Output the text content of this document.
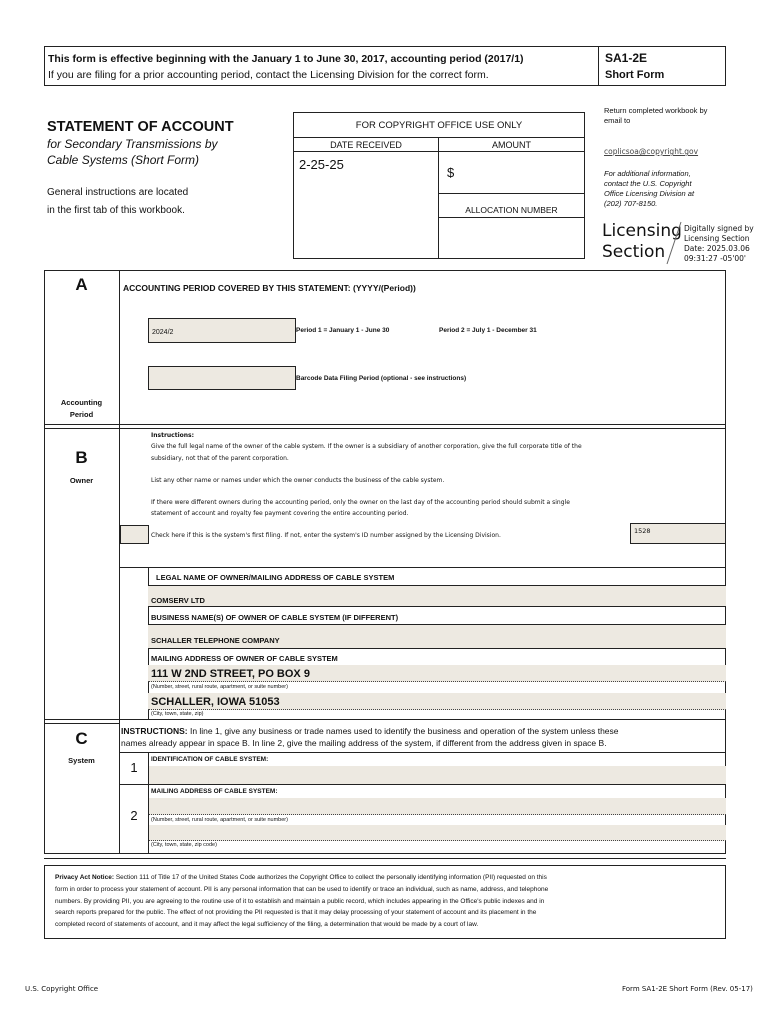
This form is effective beginning with the January 1 to June 30, 2017, accounting period (2017/1)
If you are filing for a prior accounting period, contact the Licensing Division for the correct form.
SA1-2E
Short Form
STATEMENT OF ACCOUNT
for Secondary Transmissions by
Cable Systems (Short Form)
General instructions are located
in the first tab of this workbook.
FOR COPYRIGHT OFFICE USE ONLY
DATE RECEIVED	AMOUNT
2-25-25
$
ALLOCATION NUMBER
Return completed workbook by
email to
coplicsoa@copyright.gov
For additional information,
contact the U.S. Copyright
Office Licensing Division at
(202) 707-8150.
Licensing
Section
Digitally signed by
Licensing Section
Date: 2025.03.06
09:31:27 -05'00'
A
Accounting
Period
ACCOUNTING PERIOD COVERED BY THIS STATEMENT: (YYYY/(Period))
2024/2	Period 1 = January 1 - June 30	Period 2 = July 1 - December 31
Barcode Data Filing Period (optional - see instructions)
B
Owner
Instructions:
Give the full legal name of the owner of the cable system. If the owner is a subsidiary of another corporation, give the full corporate title of the
subsidiary, not that of the parent corporation.
List any other name or names under which the owner conducts the business of the cable system.
If there were different owners during the accounting period, only the owner on the last day of the accounting period should submit a single
statement of account and royalty fee payment covering the entire accounting period.
Check here if this is the system's first filing. If not, enter the system's ID number assigned by the Licensing Division.
1528
LEGAL NAME OF OWNER/MAILING ADDRESS OF CABLE SYSTEM
COMSERV LTD
BUSINESS NAME(S) OF OWNER OF CABLE SYSTEM (IF DIFFERENT)
SCHALLER TELEPHONE COMPANY
MAILING ADDRESS OF OWNER OF CABLE SYSTEM
111 W 2ND STREET, PO BOX 9
(Number, street, rural route, apartment, or suite number)
SCHALLER, IOWA 51053
(City, town, state, zip)
C
System
INSTRUCTIONS: In line 1, give any business or trade names used to identify the business and operation of the system unless these
names already appear in space B. In line 2, give the mailing address of the system, if different from the address given in space B.
1
IDENTIFICATION OF CABLE SYSTEM:
2
MAILING ADDRESS OF CABLE SYSTEM:
(Number, street, rural route, apartment, or suite number)
(City, town, state, zip code)
Privacy Act Notice: Section 111 of Title 17 of the United States Code authorizes the Copyright Office to collect the personally identifying information (PII) requested on this
form in order to process your statement of account. PII is any personal information that can be used to identify or trace an individual, such as name, address, and telephone
numbers. By providing PII, you are agreeing to the routine use of it to establish and maintain a public record, which includes appearing in the Office's public indexes and in
search reports prepared for the public. The effect of not providing the PII requested is that it may delay processing of your statement of account and its placement in the
completed record of statements of account, and it may affect the legal sufficiency of the filing, a determination that would be made by a court of law.
U.S. Copyright Office	Form SA1-2E Short Form (Rev. 05-17)
